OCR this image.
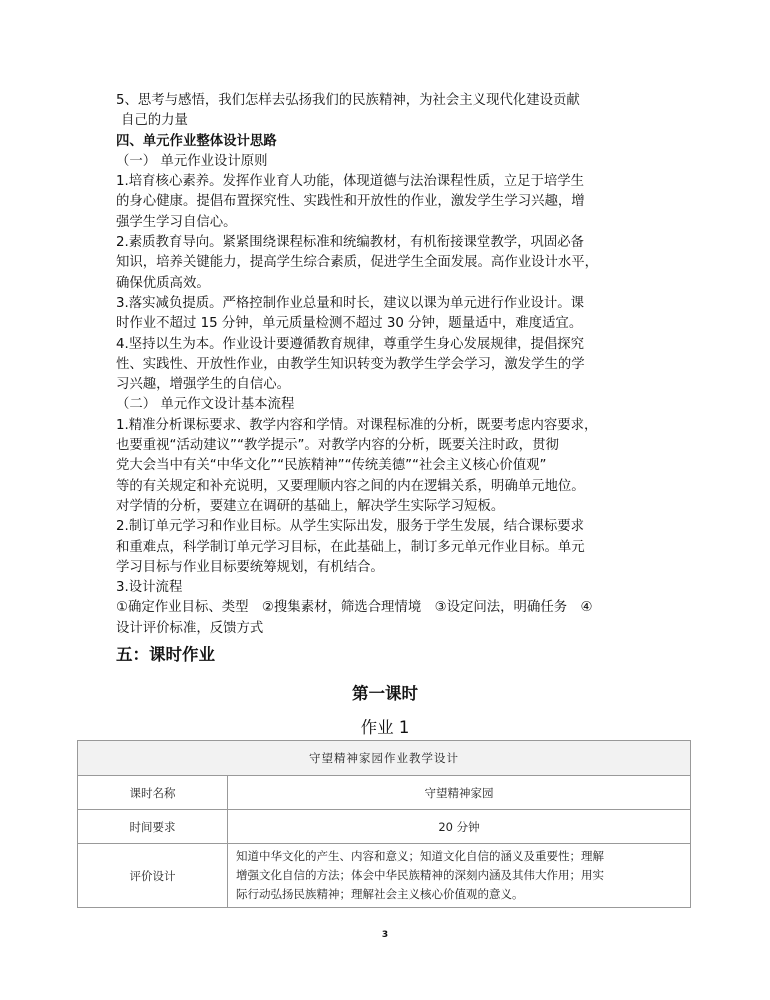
5、思考与感悟，我们怎样去弘扬我们的民族精神，为社会主义现代化建设贡献

自己的力量

四、单元作业整体设计思路

（一） 单元作业设计原则

1.培育核心素养。发挥作业育人功能，体现道德与法治课程性质，立足于培学生

的身心健康。提倡布置探究性、实践性和开放性的作业，激发学生学习兴趣，增

强学生学习自信心。

2.素质教育导向。紧紧围绕课程标准和统编教材，有机衔接课堂教学，巩固必备

知识，培养关键能力，提高学生综合素质，促进学生全面发展。高作业设计水平，

确保优质高效。

3.落实减负提质。严格控制作业总量和时长，建议以课为单元进行作业设计。课

时作业不超过 15 分钟，单元质量检测不超过 30 分钟，题量适中，难度适宜。

4.坚持以生为本。作业设计要遵循教育规律，尊重学生身心发展规律，提倡探究

性、实践性、开放性作业，由教学生知识转变为教学生学会学习，激发学生的学

习兴趣，增强学生的自信心。

（二） 单元作文设计基本流程

1.精准分析课标要求、教学内容和学情。对课程标准的分析，既要考虑内容要求，

也要重视“活动建议”“教学提示”。对教学内容的分析，既要关注时政，贯彻

党大会当中有关“中华文化”“民族精神”“传统美德”“社会主义核心价值观”

等的有关规定和补充说明，又要理顺内容之间的内在逻辑关系，明确单元地位。

对学情的分析，要建立在调研的基础上，解决学生实际学习短板。

2.制订单元学习和作业目标。从学生实际出发，服务于学生发展，结合课标要求

和重难点，科学制订单元学习目标，在此基础上，制订多元单元作业目标。单元

学习目标与作业目标要统筹规划，有机结合。

3.设计流程

①确定作业目标、类型　②搜集素材，筛选合理情境　③设定问法，明确任务　④

设计评价标准，反馈方式

五：课时作业
第一课时
作业 1
守望精神家园作业教学设计	
课时名称	守望精神家园
时间要求	20 分钟
评价设计	知道中华文化的产生、内容和意义；知道文化自信的涵义及重要性；理解
增强文化自信的方法；体会中华民族精神的深刻内涵及其伟大作用；用实
际行动弘扬民族精神；理解社会主义核心价值观的意义。
3
